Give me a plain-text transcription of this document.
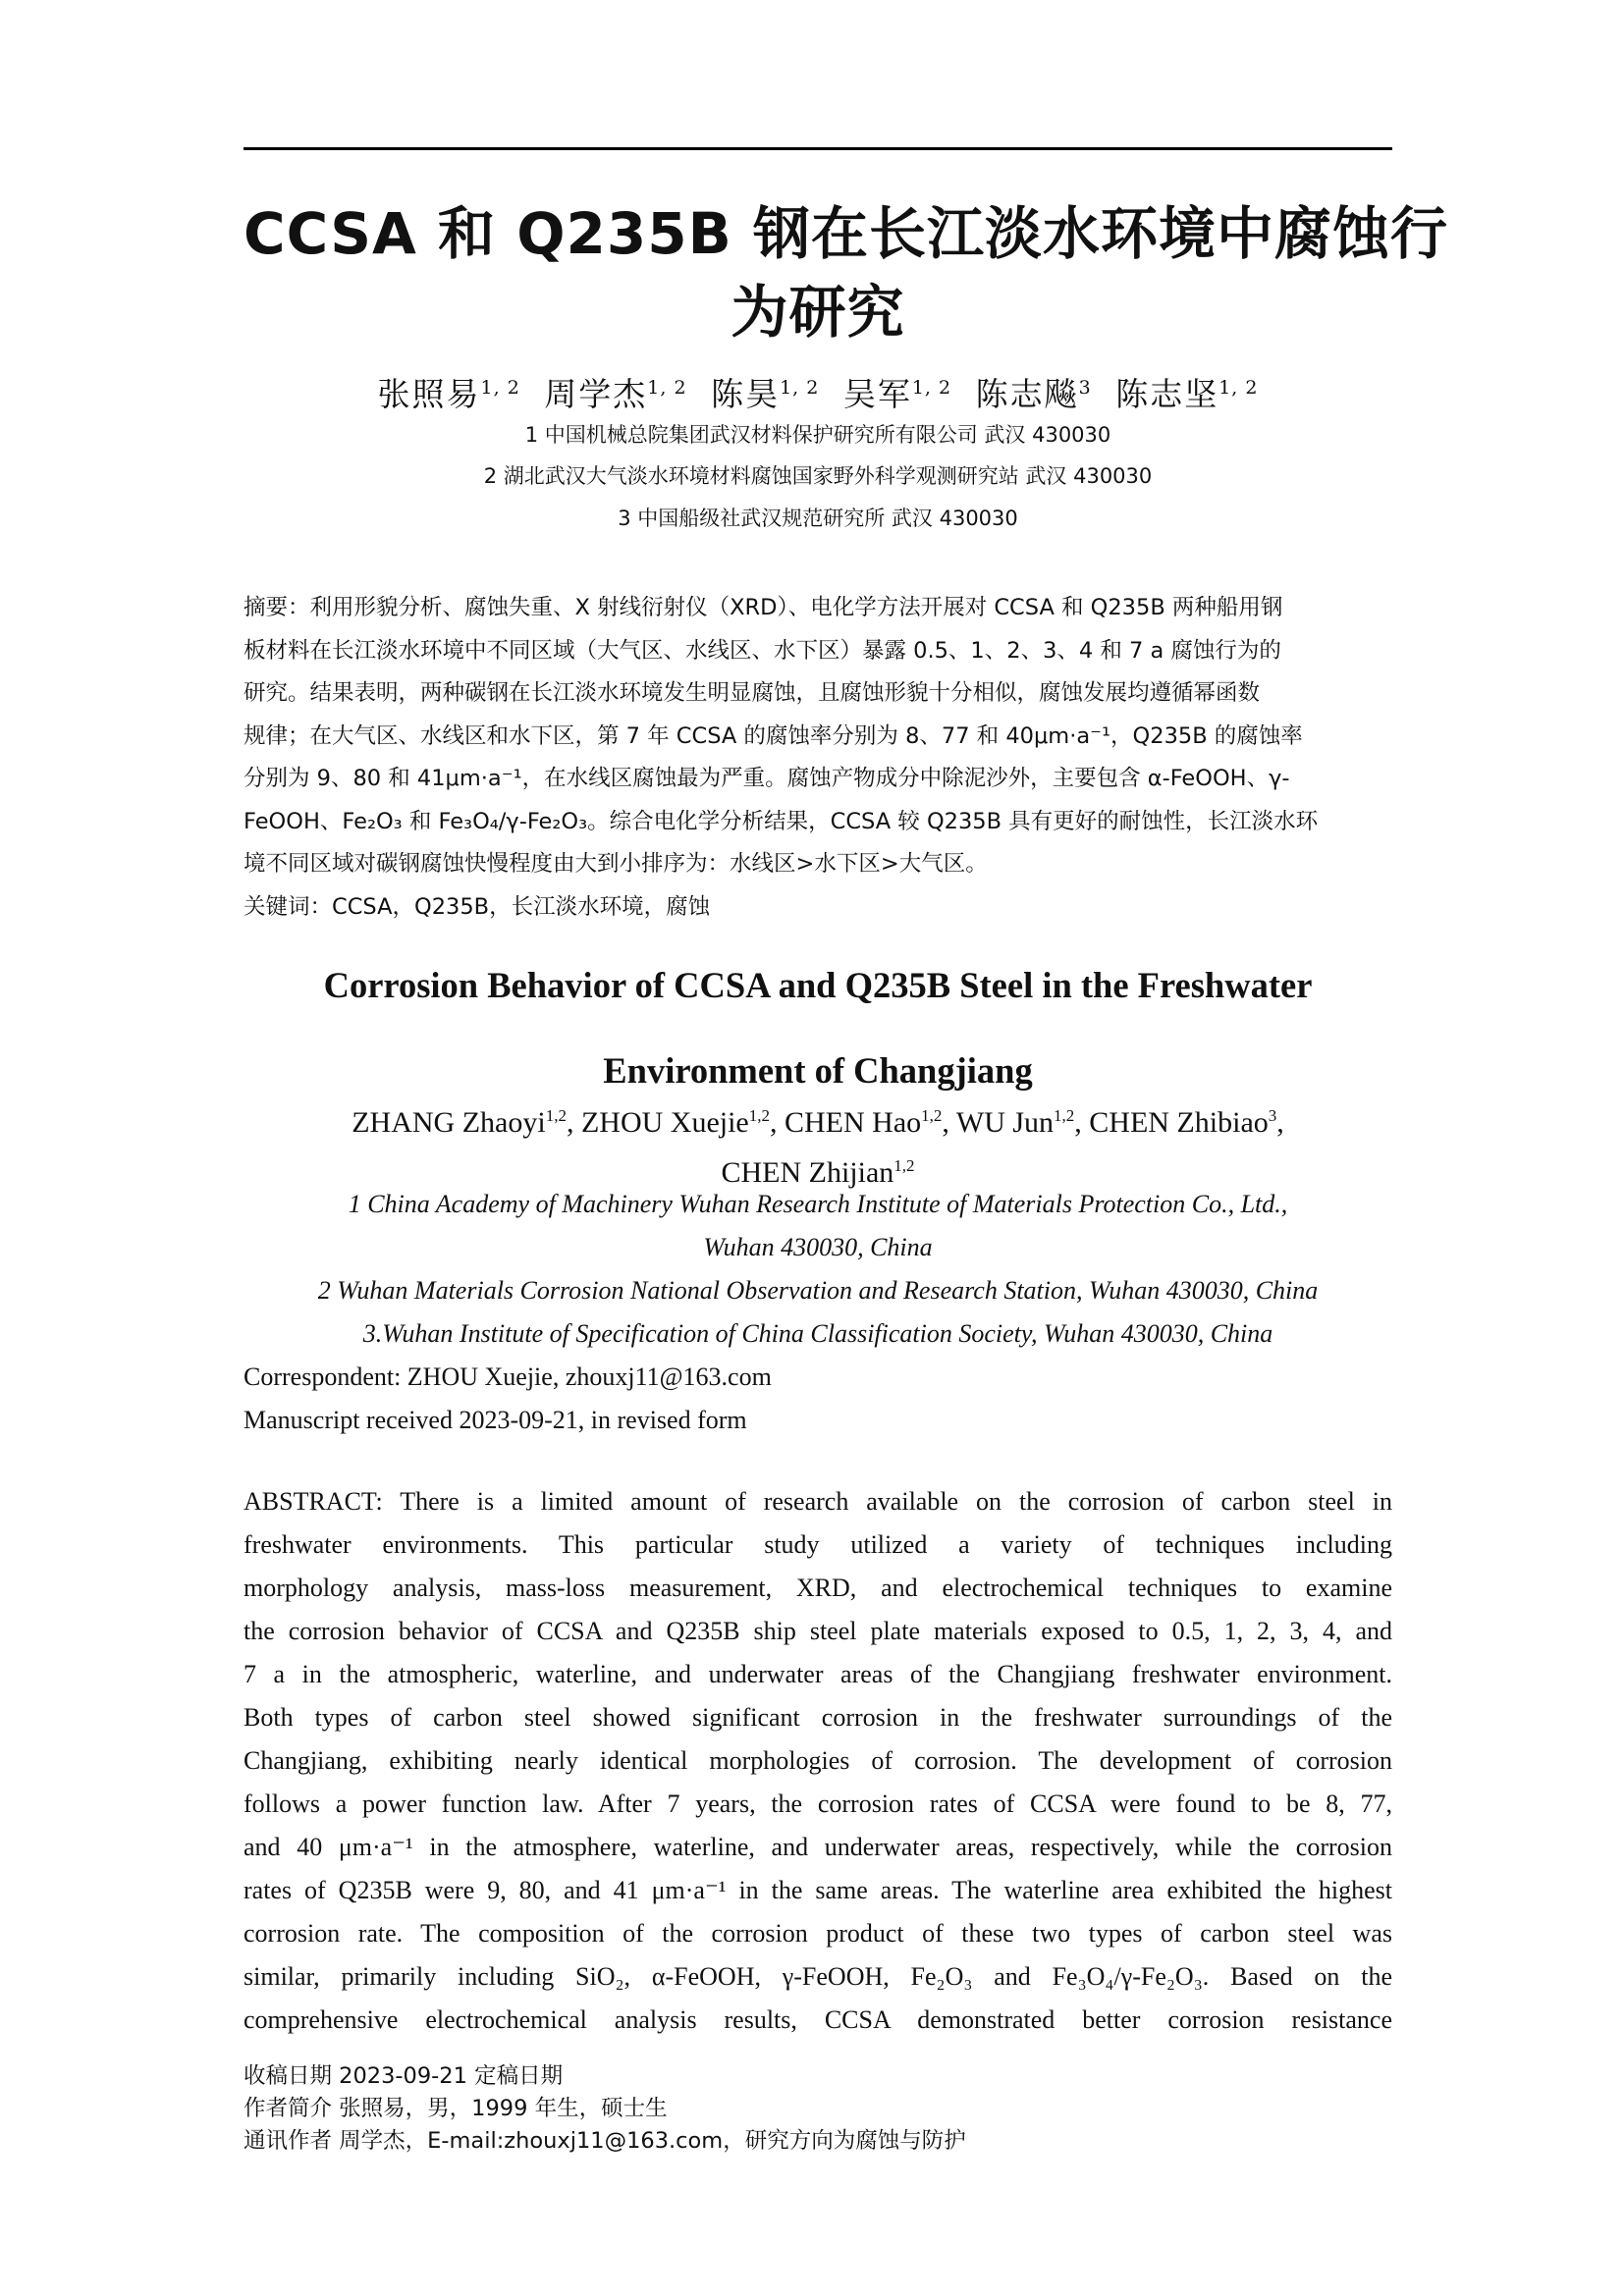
CCSA 和 Q235B 钢在长江淡水环境中腐蚀行
为研究
张照易$^{1, 2}$ 周学杰$^{1, 2}$ 陈昊$^{1, 2}$ 吴军$^{1, 2}$ 陈志飚$^3$ 陈志坚$^{1, 2}$
1 中国机械总院集团武汉材料保护研究所有限公司 武汉 430030
2 湖北武汉大气淡水环境材料腐蚀国家野外科学观测研究站 武汉 430030
3 中国船级社武汉规范研究所 武汉 430030
摘要：利用形貌分析、腐蚀失重、X 射线衍射仪（XRD）、电化学方法开展对 CCSA 和 Q235B 两种船用钢
板材料在长江淡水环境中不同区域（大气区、水线区、水下区）暴露 0.5、1、2、3、4 和 7 a 腐蚀行为的
研究。结果表明，两种碳钢在长江淡水环境发生明显腐蚀，且腐蚀形貌十分相似，腐蚀发展均遵循幂函数
规律；在大气区、水线区和水下区，第 7 年 CCSA 的腐蚀率分别为 8、77 和 40μm·a⁻¹，Q235B 的腐蚀率
分别为 9、80 和 41μm·a⁻¹，在水线区腐蚀最为严重。腐蚀产物成分中除泥沙外，主要包含 α-FeOOH、γ-
FeOOH、Fe₂O₃ 和 Fe₃O₄/γ-Fe₂O₃。综合电化学分析结果，CCSA 较 Q235B 具有更好的耐蚀性，长江淡水环
境不同区域对碳钢腐蚀快慢程度由大到小排序为：水线区>水下区>大气区。
关键词：CCSA，Q235B，长江淡水环境，腐蚀
Corrosion Behavior of CCSA and Q235B Steel in the Freshwater
Environment of Changjiang
ZHANG Zhaoyi$^{1,2}$, ZHOU Xuejie$^{1,2}$, CHEN Hao$^{1,2}$, WU Jun$^{1,2}$, CHEN Zhibiao$^3$,
CHEN Zhijian$^{1,2}$
1 China Academy of Machinery Wuhan Research Institute of Materials Protection Co., Ltd.,
Wuhan 430030, China
2 Wuhan Materials Corrosion National Observation and Research Station, Wuhan 430030, China
3.Wuhan Institute of Specification of China Classification Society, Wuhan 430030, China
Correspondent: ZHOU Xuejie, zhouxj11@163.com
Manuscript received 2023-09-21, in revised form
ABSTRACT: There is a limited amount of research available on the corrosion of carbon steel in
freshwater environments. This particular study utilized a variety of techniques including
morphology analysis, mass-loss measurement, XRD, and electrochemical techniques to examine
the corrosion behavior of CCSA and Q235B ship steel plate materials exposed to 0.5, 1, 2, 3, 4, and
7 a in the atmospheric, waterline, and underwater areas of the Changjiang freshwater environment.
Both types of carbon steel showed significant corrosion in the freshwater surroundings of the
Changjiang, exhibiting nearly identical morphologies of corrosion. The development of corrosion
follows a power function law. After 7 years, the corrosion rates of CCSA were found to be 8, 77,
and 40 μm·a⁻¹ in the atmosphere, waterline, and underwater areas, respectively, while the corrosion
rates of Q235B were 9, 80, and 41 μm·a⁻¹ in the same areas. The waterline area exhibited the highest
corrosion rate. The composition of the corrosion product of these two types of carbon steel was
similar, primarily including SiO₂, α-FeOOH, γ-FeOOH, Fe₂O₃ and Fe₃O₄/γ-Fe₂O₃. Based on the
comprehensive electrochemical analysis results, CCSA demonstrated better corrosion resistance
收稿日期 2023-09-21 定稿日期
作者简介 张照易，男，1999 年生，硕士生
通讯作者 周学杰，E-mail:zhouxj11@163.com，研究方向为腐蚀与防护
